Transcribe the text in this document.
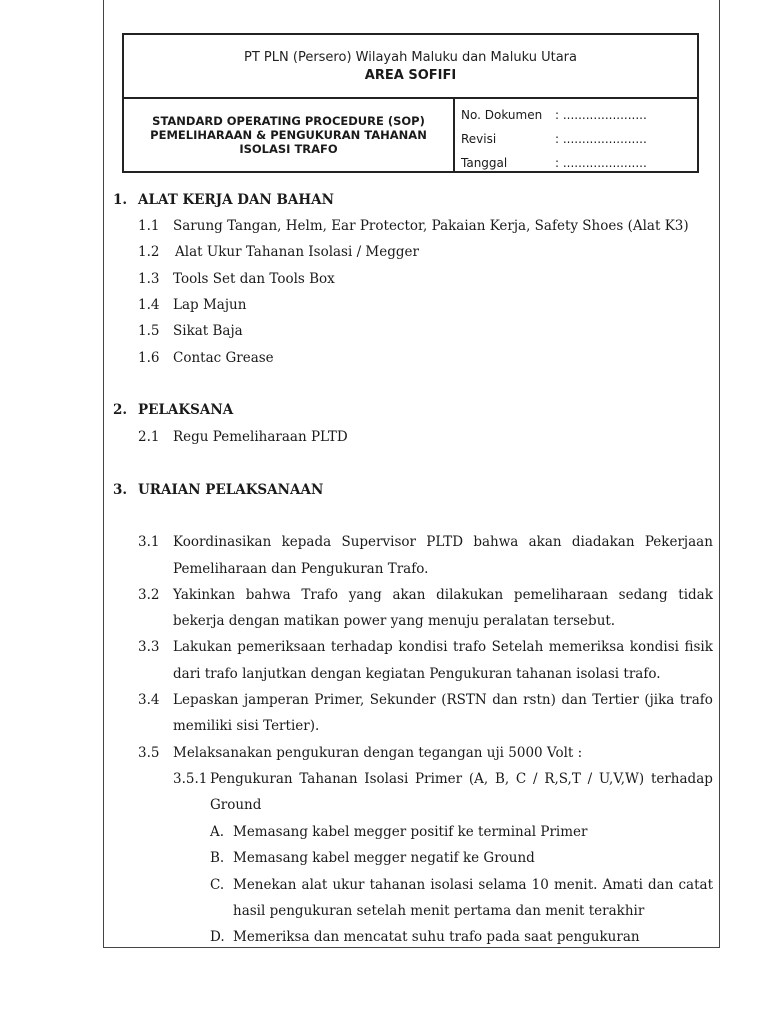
PT PLN (Persero) Wilayah Maluku dan Maluku Utara
AREA SOFIFI
STANDARD OPERATING PROCEDURE (SOP)
PEMELIHARAAN & PENGUKURAN TAHANAN
ISOLASI TRAFO
No. Dokumen	: ......................
Revisi	: ......................
Tanggal	: ......................
1. ALAT KERJA DAN BAHAN
1.1 Sarung Tangan, Helm, Ear Protector, Pakaian Kerja, Safety Shoes (Alat K3)
1.2 Alat Ukur Tahanan Isolasi / Megger
1.3 Tools Set dan Tools Box
1.4 Lap Majun
1.5 Sikat Baja
1.6 Contac Grease
2. PELAKSANA
2.1 Regu Pemeliharaan PLTD
3. URAIAN PELAKSANAAN
3.1 Koordinasikan kepada Supervisor PLTD bahwa akan diadakan Pekerjaan
Pemeliharaan dan Pengukuran Trafo.
3.2 Yakinkan bahwa Trafo yang akan dilakukan pemeliharaan sedang tidak
bekerja dengan matikan power yang menuju peralatan tersebut.
3.3 Lakukan pemeriksaan terhadap kondisi trafo Setelah memeriksa kondisi fisik
dari trafo lanjutkan dengan kegiatan Pengukuran tahanan isolasi trafo.
3.4 Lepaskan jamperan Primer, Sekunder (RSTN dan rstn) dan Tertier (jika trafo
memiliki sisi Tertier).
3.5 Melaksanakan pengukuran dengan tegangan uji 5000 Volt :
3.5.1 Pengukuran Tahanan Isolasi Primer (A, B, C / R,S,T / U,V,W) terhadap
Ground
A. Memasang kabel megger positif ke terminal Primer
B. Memasang kabel megger negatif ke Ground
C. Menekan alat ukur tahanan isolasi selama 10 menit. Amati dan catat
hasil pengukuran setelah menit pertama dan menit terakhir
D. Memeriksa dan mencatat suhu trafo pada saat pengukuran
